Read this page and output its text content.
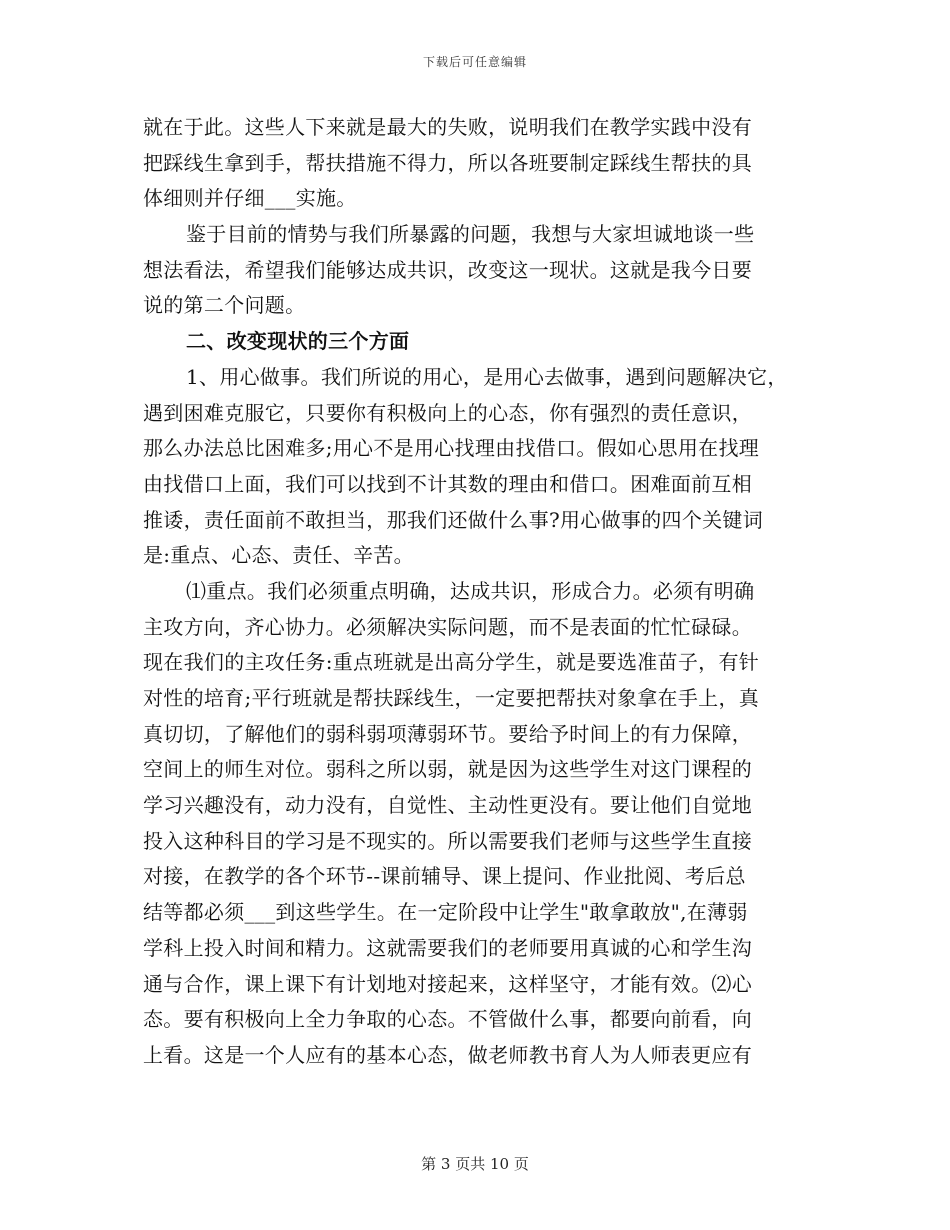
下载后可任意编辑
就在于此。这些人下来就是最大的失败，说明我们在教学实践中没有
把踩线生拿到手，帮扶措施不得力，所以各班要制定踩线生帮扶的具
体细则并仔细___实施。
鉴于目前的情势与我们所暴露的问题，我想与大家坦诚地谈一些
想法看法，希望我们能够达成共识，改变这一现状。这就是我今日要
说的第二个问题。
二、改变现状的三个方面
1、用心做事。我们所说的用心，是用心去做事，遇到问题解决它，
遇到困难克服它，只要你有积极向上的心态，你有强烈的责任意识，
那么办法总比困难多;用心不是用心找理由找借口。假如心思用在找理
由找借口上面，我们可以找到不计其数的理由和借口。困难面前互相
推诿，责任面前不敢担当，那我们还做什么事?用心做事的四个关键词
是:重点、心态、责任、辛苦。
⑴重点。我们必须重点明确，达成共识，形成合力。必须有明确
主攻方向，齐心协力。必须解决实际问题，而不是表面的忙忙碌碌。
现在我们的主攻任务:重点班就是出高分学生，就是要选准苗子，有针
对性的培育;平行班就是帮扶踩线生，一定要把帮扶对象拿在手上，真
真切切，了解他们的弱科弱项薄弱环节。要给予时间上的有力保障，
空间上的师生对位。弱科之所以弱，就是因为这些学生对这门课程的
学习兴趣没有，动力没有，自觉性、主动性更没有。要让他们自觉地
投入这种科目的学习是不现实的。所以需要我们老师与这些学生直接
对接，在教学的各个环节--课前辅导、课上提问、作业批阅、考后总
结等都必须___到这些学生。在一定阶段中让学生"敢拿敢放",在薄弱
学科上投入时间和精力。这就需要我们的老师要用真诚的心和学生沟
通与合作，课上课下有计划地对接起来，这样坚守，才能有效。⑵心
态。要有积极向上全力争取的心态。不管做什么事，都要向前看，向
上看。这是一个人应有的基本心态，做老师教书育人为人师表更应有
第 3 页共 10 页
